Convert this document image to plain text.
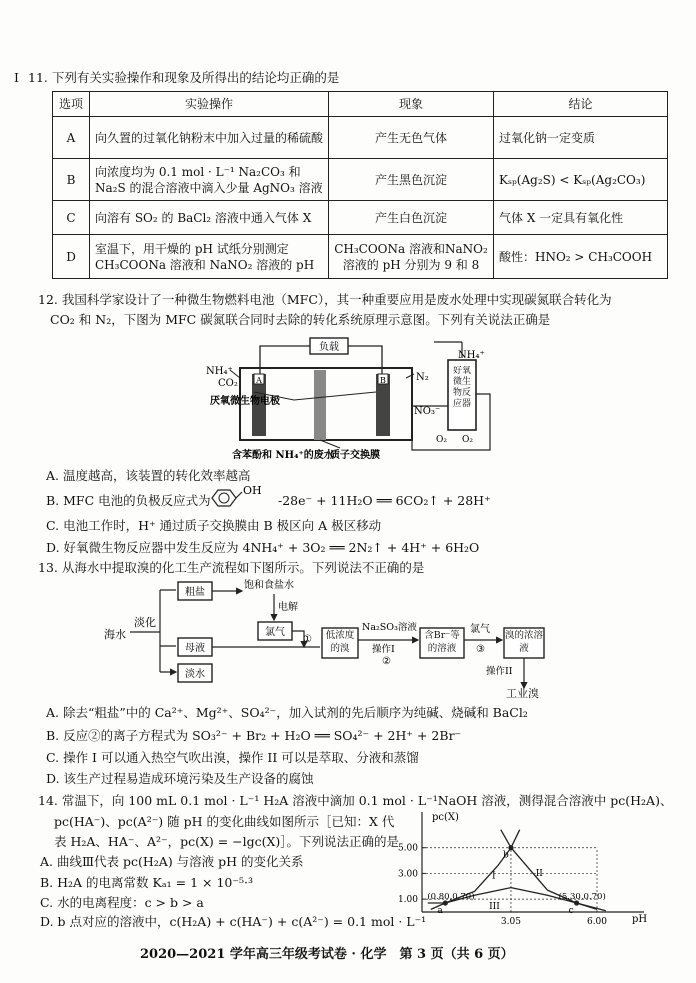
I 11. 下列有关实验操作和现象及所得出的结论均正确的是
选项	实验操作	现象	结论
A	向久置的过氧化钠粉末中加入过量的稀硫酸	产生无色气体	过氧化钠一定变质
B	向浓度均为 0.1 mol · L⁻¹ Na₂CO₃ 和 Na₂S 的混合溶液中滴入少量 AgNO₃ 溶液	产生黑色沉淀	Kₛₚ(Ag₂S) < Kₛₚ(Ag₂CO₃)
C	向溶有 SO₂ 的 BaCl₂ 溶液中通入气体 X	产生白色沉淀	气体 X 一定具有氧化性
D	室温下，用干燥的 pH 试纸分别测定 CH₃COONa 溶液和 NaNO₂ 溶液的 pH	CH₃COONa 溶液和NaNO₂ 溶液的 pH 分别为 9 和 8	酸性：HNO₂ > CH₃COOH
12. 我国科学家设计了一种微生物燃料电池（MFC），其一种重要应用是废水处理中实现碳氮联合转化为
CO₂ 和 N₂，下图为 MFC 碳氮联合同时去除的转化系统原理示意图。下列有关说法正确是
负载
A	B
NH₄⁺
CO₂
N₂
NO₃⁻
NH₄⁺
好氧微生物反应器
O₂ O₂
厌氧微生物电极
含苯酚和 NH₄⁺的废水
质子交换膜
A. 温度越高，该装置的转化效率越高
B. MFC 电池的负极反应式为
OH
-28e⁻ + 11H₂O ══ 6CO₂↑ + 28H⁺
C. 电池工作时，H⁺ 通过质子交换膜由 B 极区向 A 极区移动
D. 好氧微生物反应器中发生反应为 4NH₄⁺ + 3O₂ ══ 2N₂↑ + 4H⁺ + 6H₂O
13. 从海水中提取溴的化工生产流程如下图所示。下列说法不正确的是
海水
淡化
粗盐
饱和食盐水
电解
氯气
母液
淡水
①	低浓度的溴
Na₂SO₃溶液
操作I
②
含Br⁻等的溶液
氯气
③
溴的浓溶液
操作II
工业溴
A. 除去“粗盐”中的 Ca²⁺、Mg²⁺、SO₄²⁻，加入试剂的先后顺序为纯碱、烧碱和 BaCl₂
B. 反应②的离子方程式为 SO₃²⁻ + Br₂ + H₂O ══ SO₄²⁻ + 2H⁺ + 2Br⁻
C. 操作 I 可以通入热空气吹出溴，操作 II 可以是萃取、分液和蒸馏
D. 该生产过程易造成环境污染及生产设备的腐蚀
14. 常温下，向 100 mL 0.1 mol · L⁻¹ H₂A 溶液中滴加 0.1 mol · L⁻¹NaOH 溶液，测得混合溶液中 pc(H₂A)、
pc(HA⁻)、pc(A²⁻) 随 pH 的变化曲线如图所示［已知：X 代
表 H₂A、HA⁻、A²⁻，pc(X) = −lgc(X)］。下列说法正确的是
A. 曲线Ⅲ代表 pc(H₂A) 与溶液 pH 的变化关系
B. H₂A 的电离常数 Kₐ₁ = 1 × 10⁻⁵·³
C. 水的电离程度：c > b > a
D. b 点对应的溶液中，c(H₂A) + c(HA⁻) + c(A²⁻) = 0.1 mol · L⁻¹
pc(X)
pH
1.00
3.00
5.00
3.05	6.00
I	II
III
a
(0.80,0.70)
b
c
(5.30,0.70)
2020—2021 学年高三年级考试卷 · 化学　第 3 页（共 6 页）
